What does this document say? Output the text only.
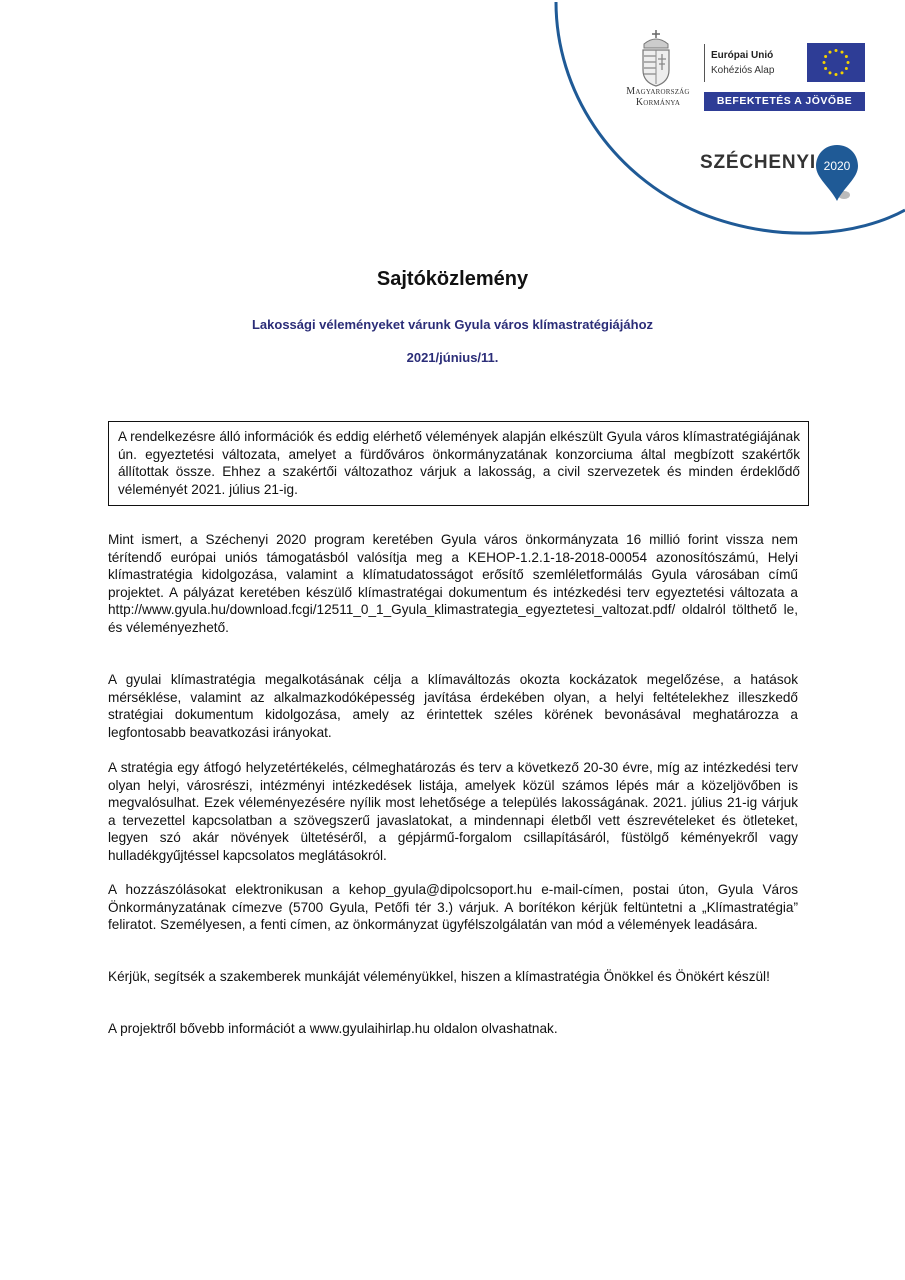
Magyarország
Kormánya
Európai Unió
Kohéziós Alap
BEFEKTETÉS A JÖVŐBE
SZÉCHENYI 2020
Sajtóközlemény
Lakossági véleményeket várunk Gyula város klímastratégiájához
2021/június/11.
A rendelkezésre álló információk és eddig elérhető vélemények alapján elkészült Gyula város klímastratégiájának ún. egyeztetési változata, amelyet a fürdőváros önkormányzatának konzorciuma által megbízott szakértők állítottak össze. Ehhez a szakértői változathoz várjuk a lakosság, a civil szervezetek és minden érdeklődő véleményét 2021. július 21-ig.
Mint ismert, a Széchenyi 2020 program keretében Gyula város önkormányzata 16 millió forint vissza nem térítendő európai uniós támogatásból valósítja meg a KEHOP-1.2.1-18-2018-00054 azonosítószámú, Helyi klímastratégia kidolgozása, valamint a klímatudatosságot erősítő szemléletformálás Gyula városában című projektet. A pályázat keretében készülő klímastratégai dokumentum és intézkedési terv egyeztetési változata a http://www.gyula.hu/download.fcgi/12511_0_1_Gyula_klimastrategia_egyeztetesi_valtozat.pdf/ oldalról tölthető le, és véleményezhető.
A gyulai klímastratégia megalkotásának célja a klímaváltozás okozta kockázatok megelőzése, a hatások mérséklése, valamint az alkalmazkodóképesség javítása érdekében olyan, a helyi feltételekhez illeszkedő stratégiai dokumentum kidolgozása, amely az érintettek széles körének bevonásával meghatározza a legfontosabb beavatkozási irányokat.
A stratégia egy átfogó helyzetértékelés, célmeghatározás és terv a következő 20-30 évre, míg az intézkedési terv olyan helyi, városrészi, intézményi intézkedések listája, amelyek közül számos lépés már a közeljövőben is megvalósulhat. Ezek véleményezésére nyílik most lehetősége a település lakosságának. 2021. július 21-ig várjuk a tervezettel kapcsolatban a szövegszerű javaslatokat, a mindennapi életből vett észrevételeket és ötleteket, legyen szó akár növények ültetéséről, a gépjármű-forgalom csillapításáról, füstölgő kéményekről vagy hulladékgyűjtéssel kapcsolatos meglátásokról.
A hozzászólásokat elektronikusan a kehop_gyula@dipolcsoport.hu e-mail-címen, postai úton, Gyula Város Önkormányzatának címezve (5700 Gyula, Petőfi tér 3.) várjuk. A borítékon kérjük feltüntetni a „Klímastratégia” feliratot. Személyesen, a fenti címen, az önkormányzat ügyfélszolgálatán van mód a vélemények leadására.
Kérjük, segítsék a szakemberek munkáját véleményükkel, hiszen a klímastratégia Önökkel és Önökért készül!
A projektről bővebb információt a www.gyulaihirlap.hu oldalon olvashatnak.
